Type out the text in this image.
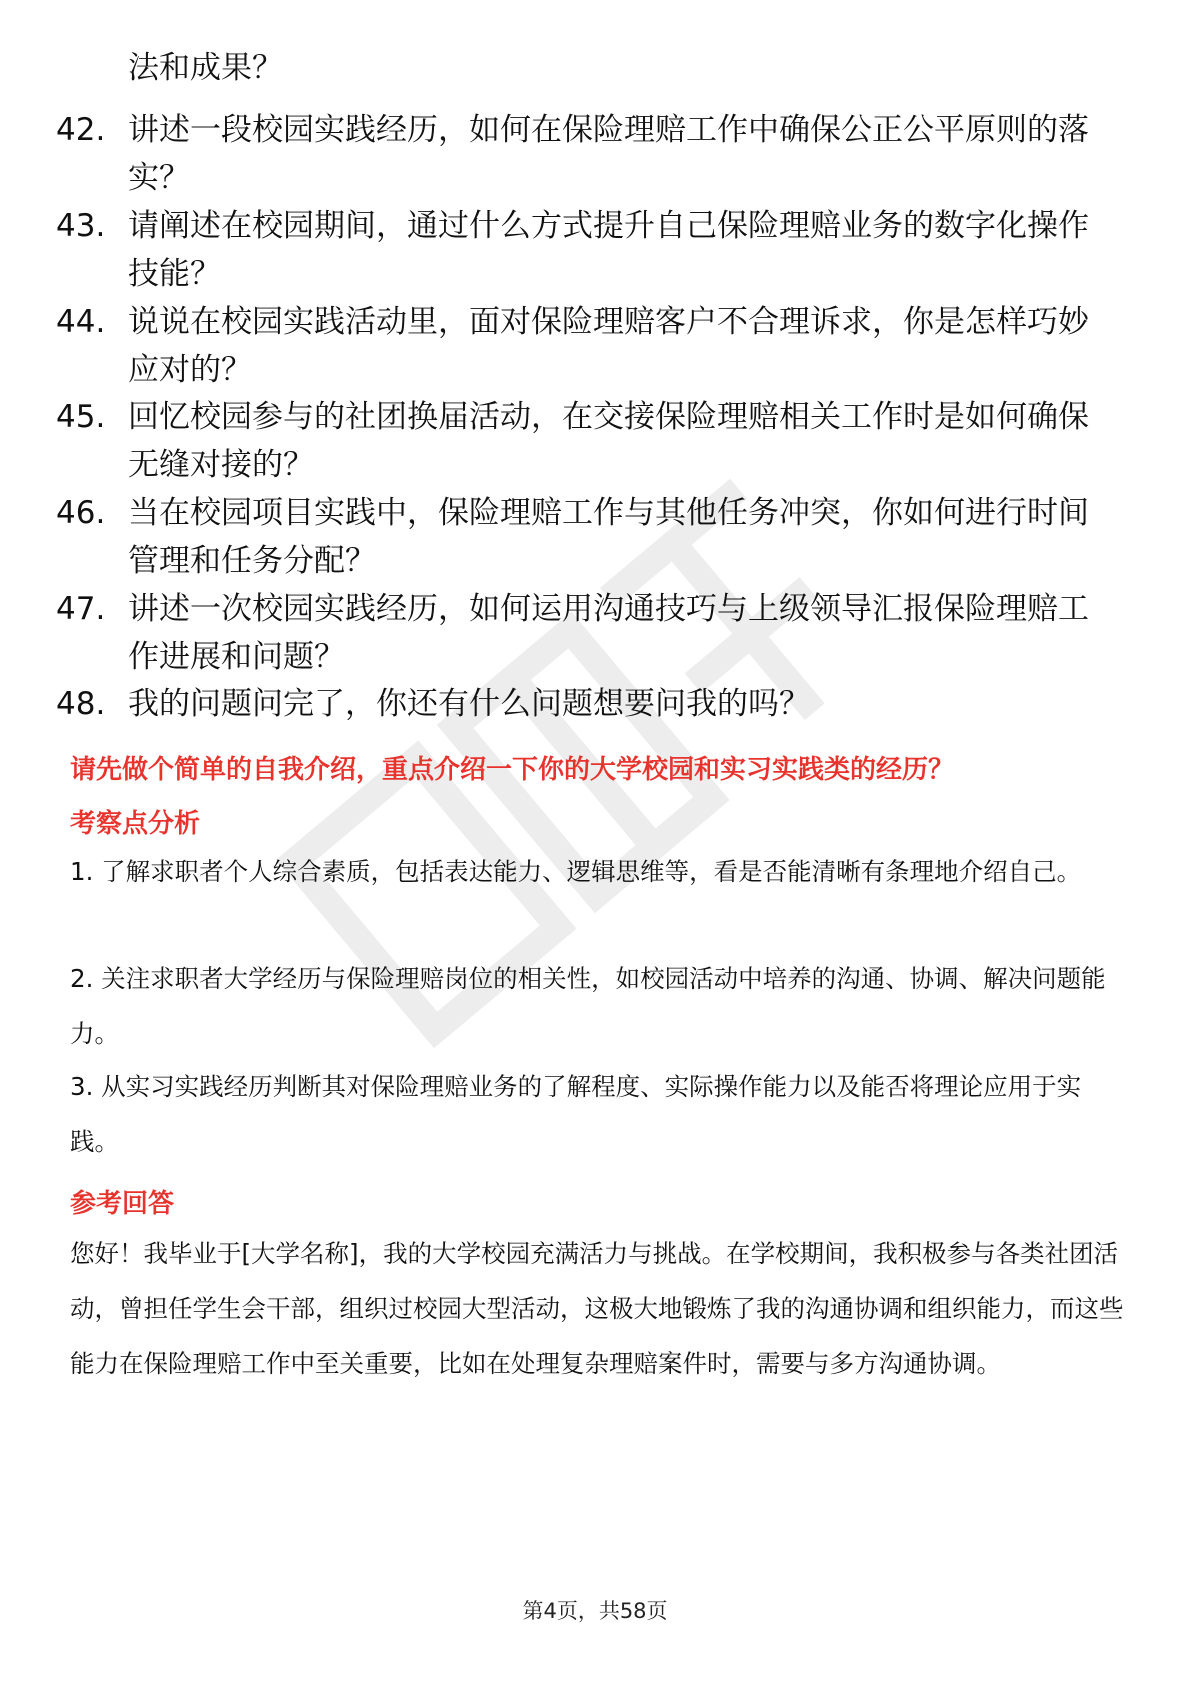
法和成果？
42. 讲述一段校园实践经历，如何在保险理赔工作中确保公正公平原则的落实？
43. 请阐述在校园期间，通过什么方式提升自己保险理赔业务的数字化操作技能？
44. 说说在校园实践活动里，面对保险理赔客户不合理诉求，你是怎样巧妙应对的？
45. 回忆校园参与的社团换届活动，在交接保险理赔相关工作时是如何确保无缝对接的？
46. 当在校园项目实践中，保险理赔工作与其他任务冲突，你如何进行时间管理和任务分配？
47. 讲述一次校园实践经历，如何运用沟通技巧与上级领导汇报保险理赔工作进展和问题？
48. 我的问题问完了，你还有什么问题想要问我的吗？
请先做个简单的自我介绍，重点介绍一下你的大学校园和实习实践类的经历？
考察点分析
1. 了解求职者个人综合素质，包括表达能力、逻辑思维等，看是否能清晰有条理地介绍自己。
2. 关注求职者大学经历与保险理赔岗位的相关性，如校园活动中培养的沟通、协调、解决问题能力。
3. 从实习实践经历判断其对保险理赔业务的了解程度、实际操作能力以及能否将理论应用于实践。
参考回答
您好！我毕业于[大学名称]，我的大学校园充满活力与挑战。在学校期间，我积极参与各类社团活动，曾担任学生会干部，组织过校园大型活动，这极大地锻炼了我的沟通协调和组织能力，而这些能力在保险理赔工作中至关重要，比如在处理复杂理赔案件时，需要与多方沟通协调。
第4页，共58页
